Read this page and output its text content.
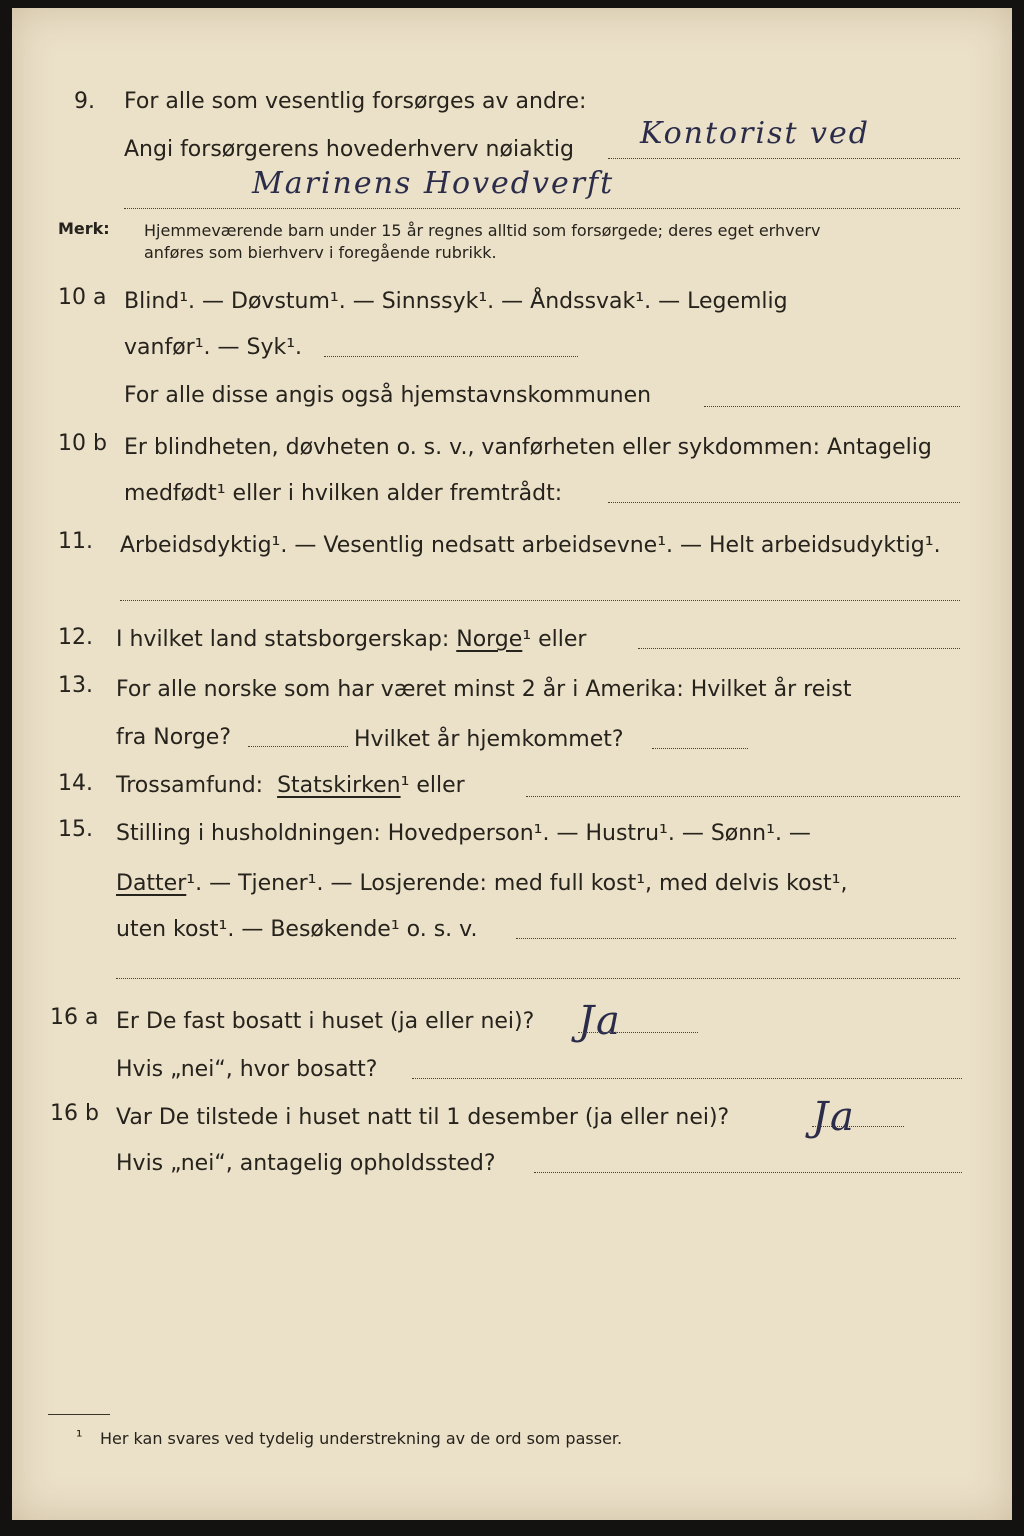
9. For alle som vesentlig forsørges av andre:
Angi forsørgerens hovederhverv nøiaktig Kontorist ved
Marinens Hovedverft
Merk: Hjemmeværende barn under 15 år regnes alltid som forsørgede; deres eget erhverv
anføres som bierhverv i foregående rubrikk.
10 a Blind¹. — Døvstum¹. — Sinnssyk¹. — Åndssvak¹. — Legemlig
vanfør¹. — Syk¹.
For alle disse angis også hjemstavnskommunen
10 b Er blindheten, døvheten o. s. v., vanførheten eller sykdommen: Antagelig
medfødt¹ eller i hvilken alder fremtrådt:
11. Arbeidsdyktig¹. — Vesentlig nedsatt arbeidsevne¹. — Helt arbeidsudyktig¹.
12. I hvilket land statsborgerskap: Norge¹ eller
13. For alle norske som har været minst 2 år i Amerika: Hvilket år reist
fra Norge?	Hvilket år hjemkommet?
14. Trossamfund: Statskirken¹ eller
15. Stilling i husholdningen: Hovedperson¹. — Hustru¹. — Sønn¹. —
Datter¹. — Tjener¹. — Losjerende: med full kost¹, med delvis kost¹,
uten kost¹. — Besøkende¹ o. s. v.
16 a Er De fast bosatt i huset (ja eller nei)? Ja
Hvis „nei“, hvor bosatt?
16 b Var De tilstede i huset natt til 1 desember (ja eller nei)? Ja
Hvis „nei“, antagelig opholdssted?
¹ Her kan svares ved tydelig understrekning av de ord som passer.
